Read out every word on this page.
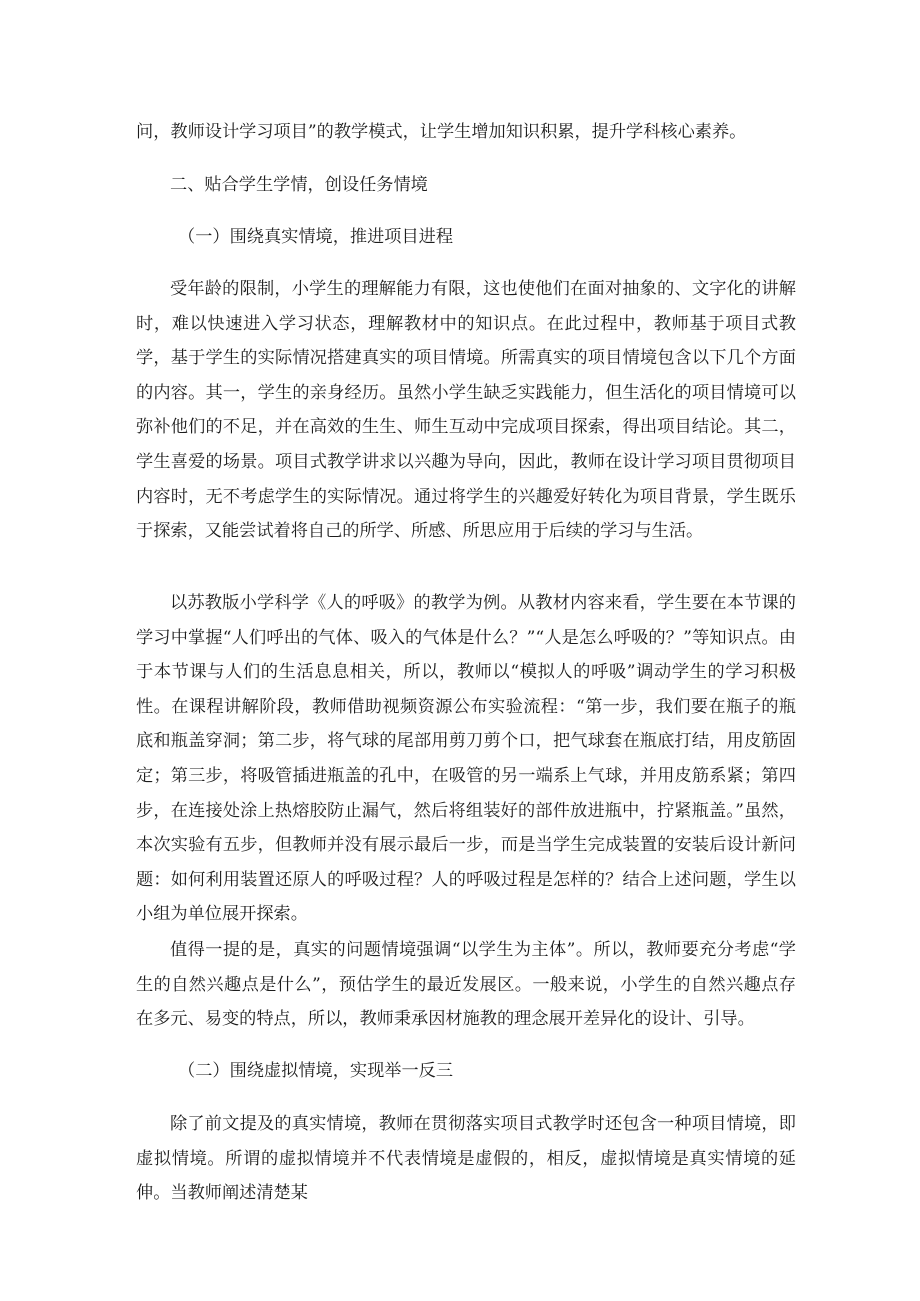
问，教师设计学习项目”的教学模式，让学生增加知识积累，提升学科核心素养。

二、贴合学生学情，创设任务情境

（一）围绕真实情境，推进项目进程

受年龄的限制，小学生的理解能力有限，这也使他们在面对抽象的、文字化的讲解时，难以快速进入学习状态，理解教材中的知识点。在此过程中，教师基于项目式教学，基于学生的实际情况搭建真实的项目情境。所需真实的项目情境包含以下几个方面的内容。其一，学生的亲身经历。虽然小学生缺乏实践能力，但生活化的项目情境可以弥补他们的不足，并在高效的生生、师生互动中完成项目探索，得出项目结论。其二，学生喜爱的场景。项目式教学讲求以兴趣为导向，因此，教师在设计学习项目贯彻项目内容时，无不考虑学生的实际情况。通过将学生的兴趣爱好转化为项目背景，学生既乐于探索，又能尝试着将自己的所学、所感、所思应用于后续的学习与生活。

以苏教版小学科学《人的呼吸》的教学为例。从教材内容来看，学生要在本节课的学习中掌握“人们呼出的气体、吸入的气体是什么？”“人是怎么呼吸的？”等知识点。由于本节课与人们的生活息息相关，所以，教师以“模拟人的呼吸”调动学生的学习积极性。在课程讲解阶段，教师借助视频资源公布实验流程：“第一步，我们要在瓶子的瓶底和瓶盖穿洞；第二步，将气球的尾部用剪刀剪个口，把气球套在瓶底打结，用皮筋固定；第三步，将吸管插进瓶盖的孔中，在吸管的另一端系上气球，并用皮筋系紧；第四步，在连接处涂上热熔胶防止漏气，然后将组装好的部件放进瓶中，拧紧瓶盖。”虽然，本次实验有五步，但教师并没有展示最后一步，而是当学生完成装置的安装后设计新问题：如何利用装置还原人的呼吸过程？人的呼吸过程是怎样的？结合上述问题，学生以小组为单位展开探索。

值得一提的是，真实的问题情境强调“以学生为主体”。所以，教师要充分考虑“学生的自然兴趣点是什么”，预估学生的最近发展区。一般来说，小学生的自然兴趣点存在多元、易变的特点，所以，教师秉承因材施教的理念展开差异化的设计、引导。

（二）围绕虚拟情境，实现举一反三

除了前文提及的真实情境，教师在贯彻落实项目式教学时还包含一种项目情境，即虚拟情境。所谓的虚拟情境并不代表情境是虚假的，相反，虚拟情境是真实情境的延伸。当教师阐述清楚某
